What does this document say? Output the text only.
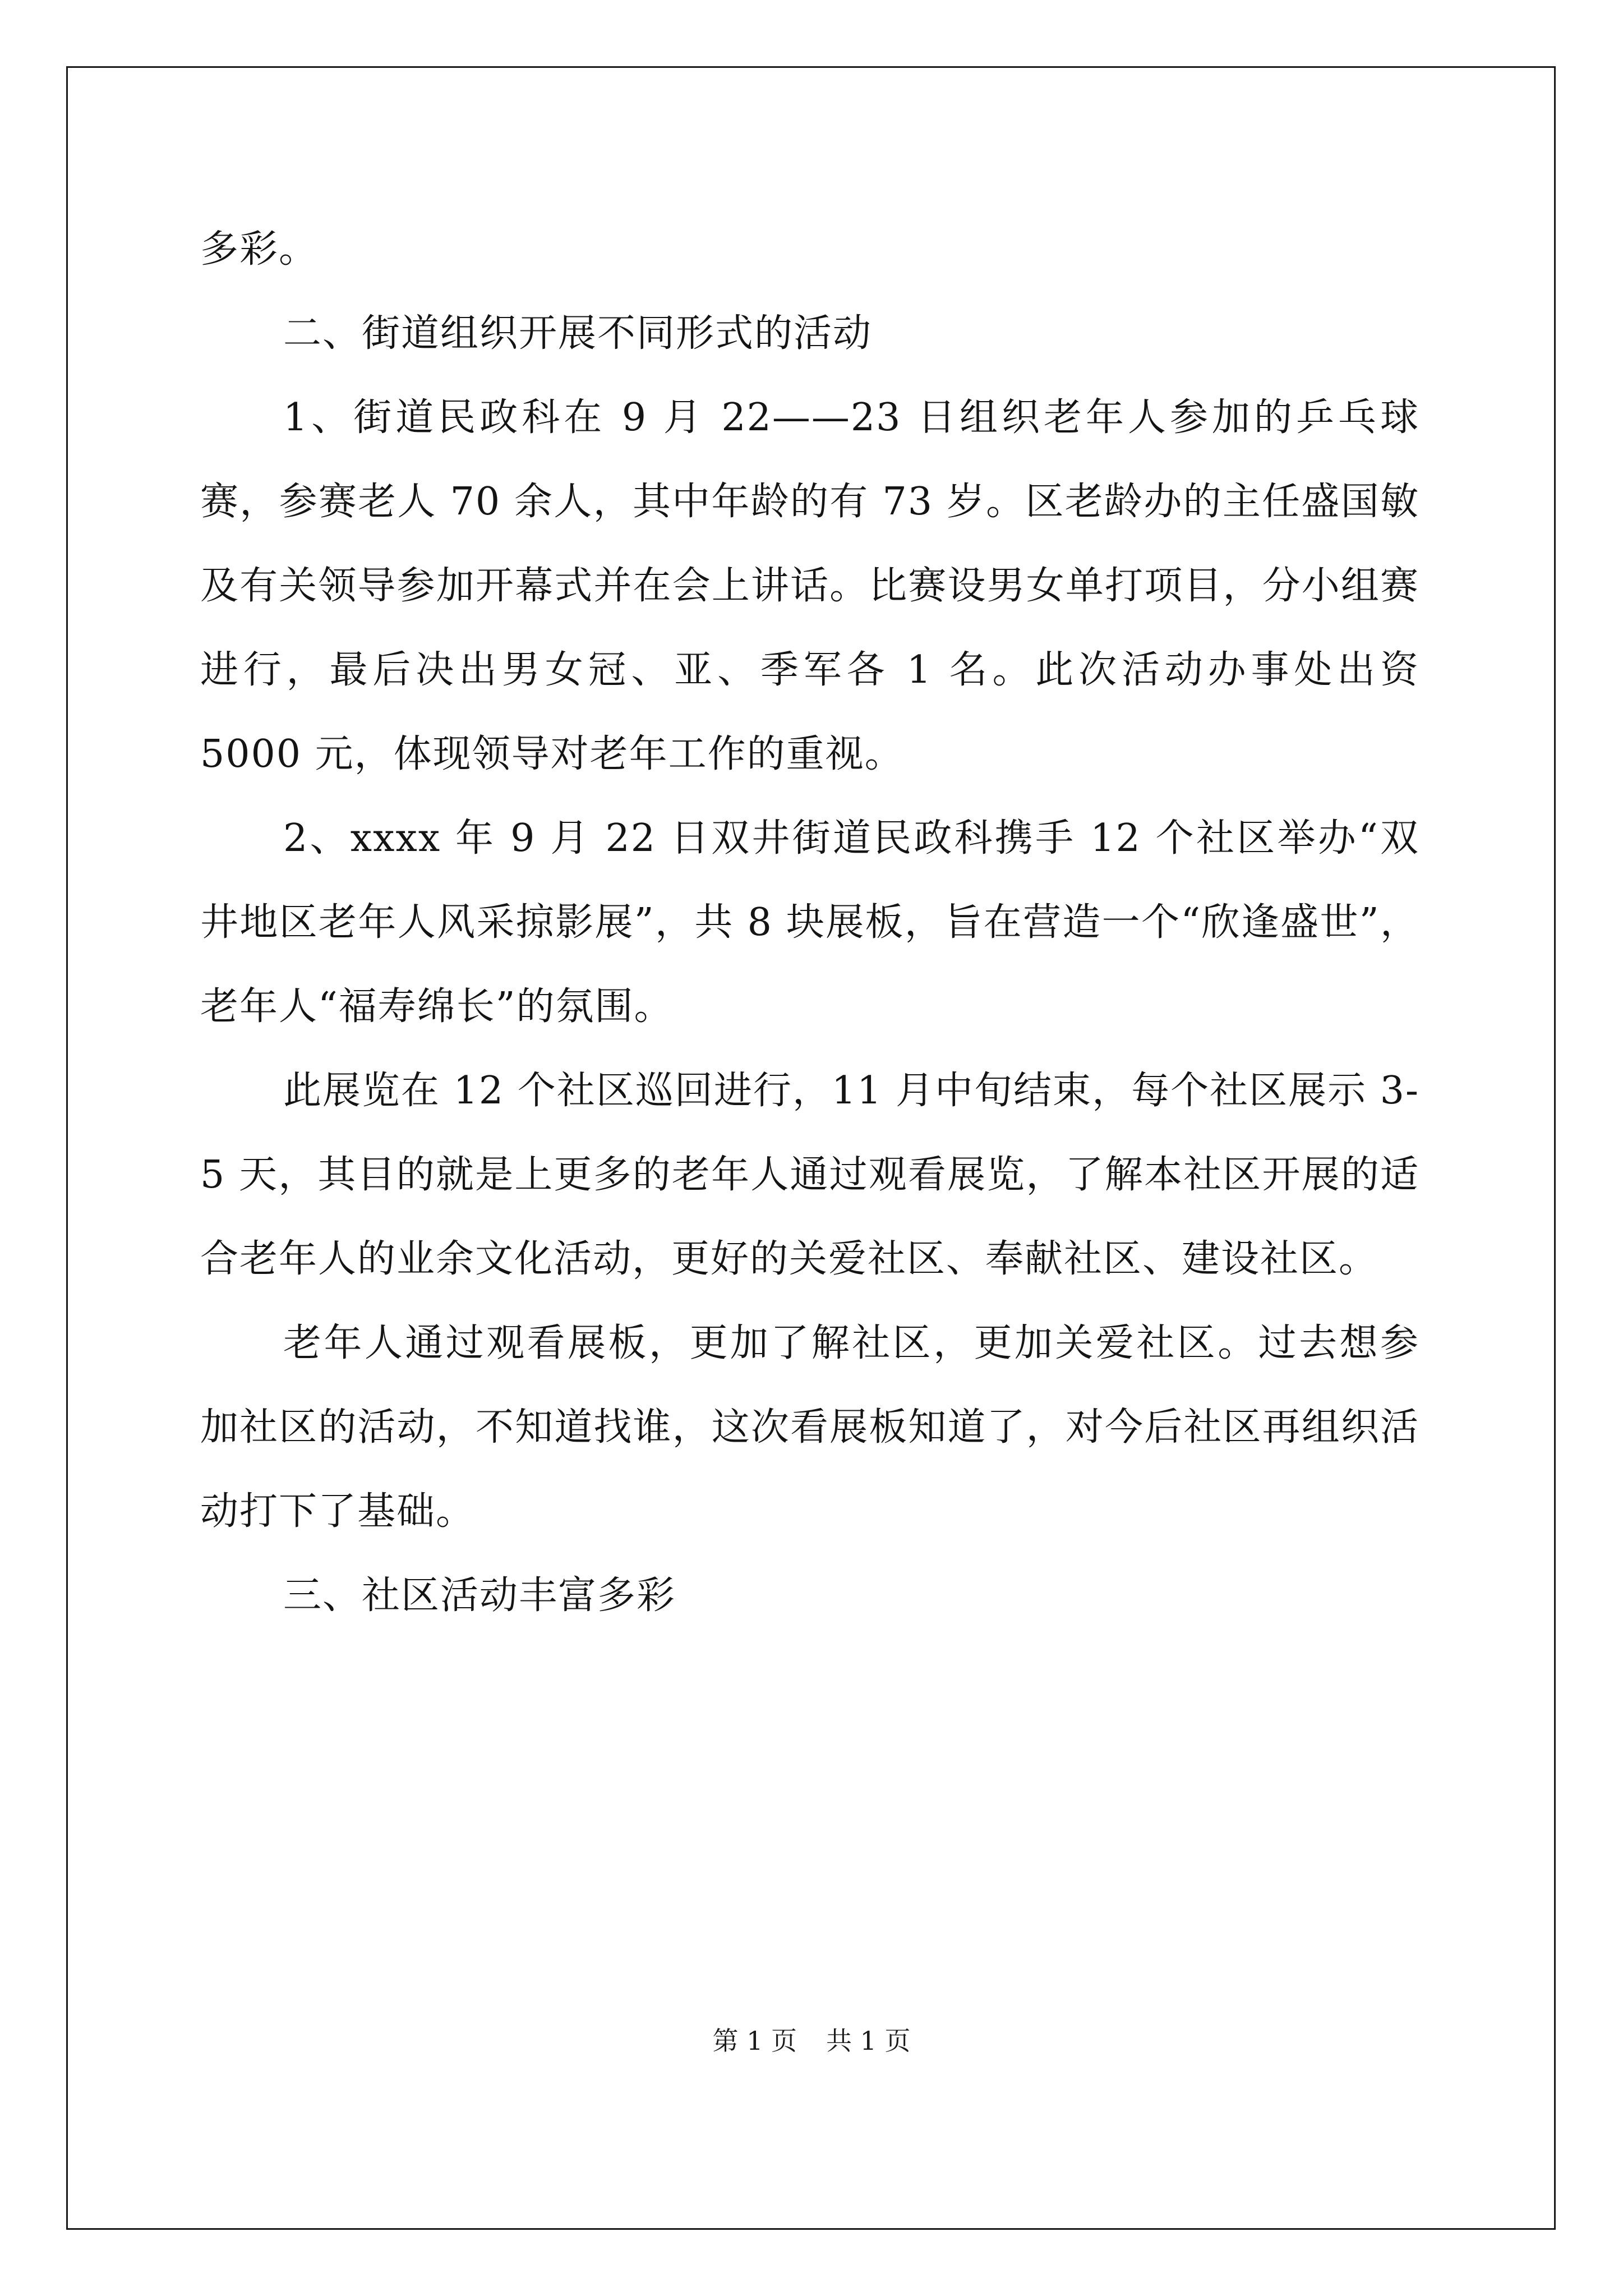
多彩。

二、街道组织开展不同形式的活动

1、街道民政科在 9 月 22——23 日组织老年人参加的乒乓球赛，参赛老人 70 余人，其中年龄的有 73 岁。区老龄办的主任盛国敏及有关领导参加开幕式并在会上讲话。比赛设男女单打项目，分小组赛进行，最后决出男女冠、亚、季军各 1 名。此次活动办事处出资 5000 元，体现领导对老年工作的重视。

2、xxxx 年 9 月 22 日双井街道民政科携手 12 个社区举办“双井地区老年人风采掠影展”，共 8 块展板，旨在营造一个“欣逢盛世”，老年人“福寿绵长”的氛围。

此展览在 12 个社区巡回进行，11 月中旬结束，每个社区展示 3-5 天，其目的就是上更多的老年人通过观看展览，了解本社区开展的适合老年人的业余文化活动，更好的关爱社区、奉献社区、建设社区。

老年人通过观看展板，更加了解社区，更加关爱社区。过去想参加社区的活动，不知道找谁，这次看展板知道了，对今后社区再组织活动打下了基础。

三、社区活动丰富多彩

第 1 页 共 1 页
